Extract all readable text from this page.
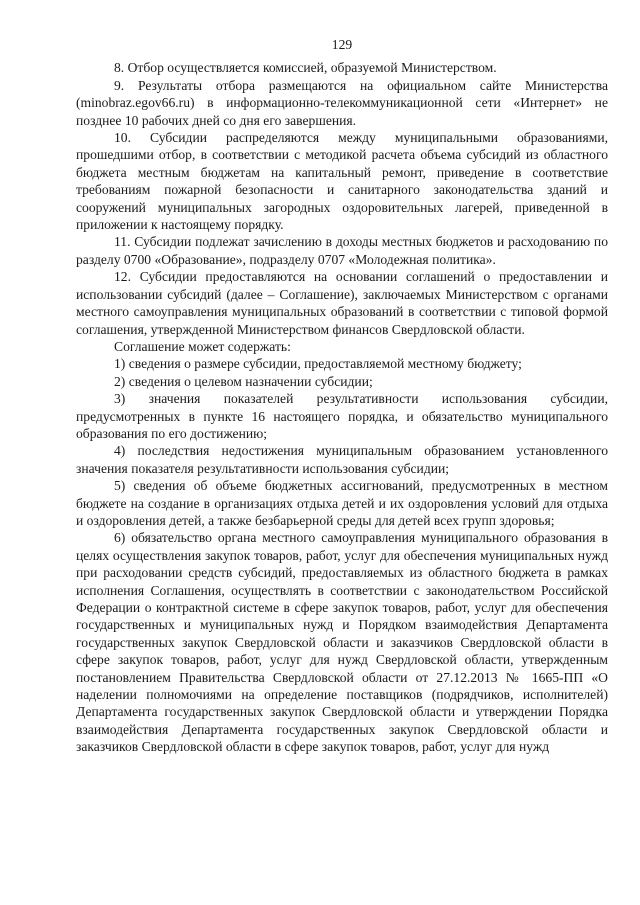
129

8. Отбор осуществляется комиссией, образуемой Министерством.

9. Результаты отбора размещаются на официальном сайте Министерства (minobraz.egov66.ru) в информационно-телекоммуникационной сети «Интернет» не позднее 10 рабочих дней со дня его завершения.

10. Субсидии распределяются между муниципальными образованиями, прошедшими отбор, в соответствии с методикой расчета объема субсидий из областного бюджета местным бюджетам на капитальный ремонт, приведение в соответствие требованиям пожарной безопасности и санитарного законодательства зданий и сооружений муниципальных загородных оздоровительных лагерей, приведенной в приложении к настоящему порядку.

11. Субсидии подлежат зачислению в доходы местных бюджетов и расходованию по разделу 0700 «Образование», подразделу 0707 «Молодежная политика».

12. Субсидии предоставляются на основании соглашений о предоставлении и использовании субсидий (далее – Соглашение), заключаемых Министерством с органами местного самоуправления муниципальных образований в соответствии с типовой формой соглашения, утвержденной Министерством финансов Свердловской области.

Соглашение может содержать:

1) сведения о размере субсидии, предоставляемой местному бюджету;

2) сведения о целевом назначении субсидии;

3) значения показателей результативности использования субсидии, предусмотренных в пункте 16 настоящего порядка, и обязательство муниципального образования по его достижению;

4) последствия недостижения муниципальным образованием установленного значения показателя результативности использования субсидии;

5) сведения об объеме бюджетных ассигнований, предусмотренных в местном бюджете на создание в организациях отдыха детей и их оздоровления условий для отдыха и оздоровления детей, а также безбарьерной среды для детей всех групп здоровья;

6) обязательство органа местного самоуправления муниципального образования в целях осуществления закупок товаров, работ, услуг для обеспечения муниципальных нужд при расходовании средств субсидий, предоставляемых из областного бюджета в рамках исполнения Соглашения, осуществлять в соответствии с законодательством Российской Федерации о контрактной системе в сфере закупок товаров, работ, услуг для обеспечения государственных и муниципальных нужд и Порядком взаимодействия Департамента государственных закупок Свердловской области и заказчиков Свердловской области в сфере закупок товаров, работ, услуг для нужд Свердловской области, утвержденным постановлением Правительства Свердловской области от 27.12.2013 № 1665-ПП «О наделении полномочиями на определение поставщиков (подрядчиков, исполнителей) Департамента государственных закупок Свердловской области и утверждении Порядка взаимодействия Департамента государственных закупок Свердловской области и заказчиков Свердловской области в сфере закупок товаров, работ, услуг для нужд
